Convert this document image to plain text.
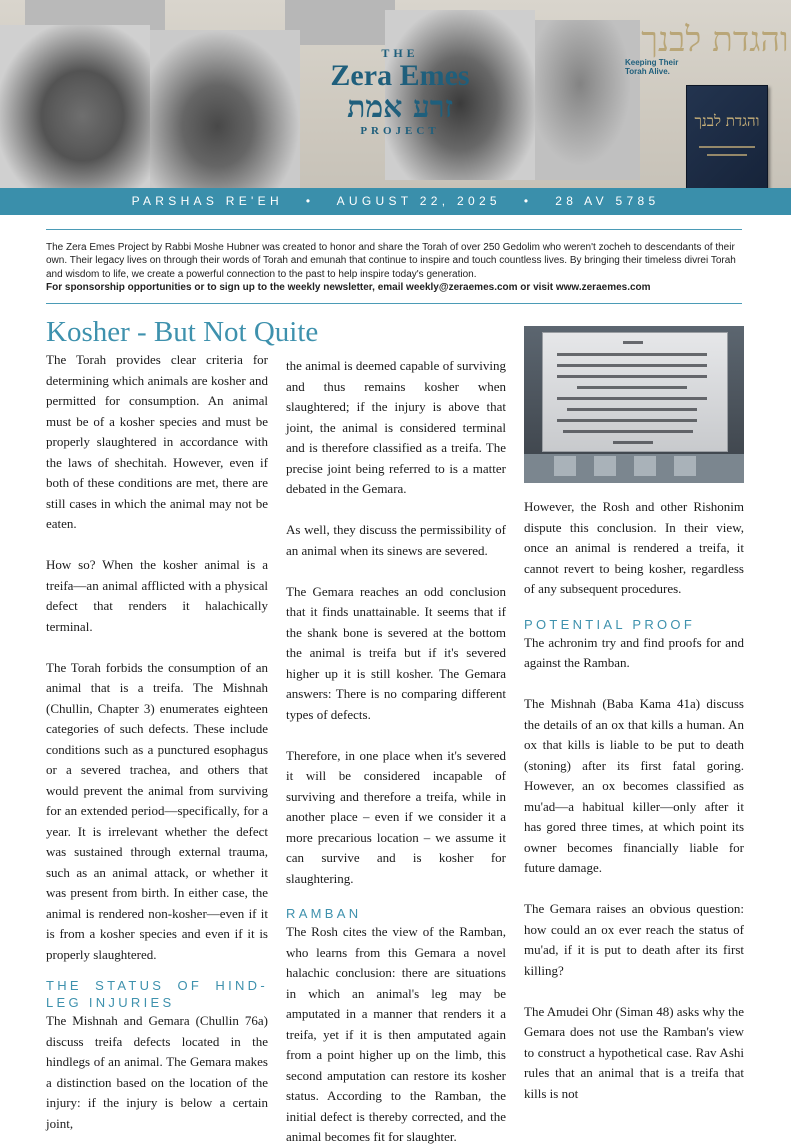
THE
Zera Emes
זרע אמת
PROJECT
והגדת לבנך
Keeping Their Torah Alive.
והגדת לבנך
PARSHAS RE'EH • AUGUST 22, 2025 • 28 AV 5785
The Zera Emes Project by Rabbi Moshe Hubner was created to honor and share the Torah of over 250 Gedolim who weren't zocheh to descendants of their own. Their legacy lives on through their words of Torah and emunah that continue to inspire and touch countless lives. By bringing their timeless divrei Torah and wisdom to life, we create a powerful connection to the past to help inspire today's generation.
For sponsorship opportunities or to sign up to the weekly newsletter, email weekly@zeraemes.com or visit www.zeraemes.com
Kosher - But Not Quite

The Torah provides clear criteria for determining which animals are kosher and permitted for consumption. An animal must be of a kosher species and must be properly slaughtered in accordance with the laws of shechitah. However, even if both of these conditions are met, there are still cases in which the animal may not be eaten.

How so? When the kosher animal is a treifa—an animal afflicted with a physical defect that renders it halachically terminal.

The Torah forbids the consumption of an animal that is a treifa. The Mishnah (Chullin, Chapter 3) enumerates eighteen categories of such defects. These include conditions such as a punctured esophagus or a severed trachea, and others that would prevent the animal from surviving for an extended period—specifically, for a year. It is irrelevant whether the defect was sustained through external trauma, such as an animal attack, or whether it was present from birth. In either case, the animal is rendered non-kosher—even if it is from a kosher species and even if it is properly slaughtered.

THE STATUS OF HIND-LEG INJURIES

The Mishnah and Gemara (Chullin 76a) discuss treifa defects located in the hindlegs of an animal. The Gemara makes a distinction based on the location of the injury: if the injury is below a certain joint,

the animal is deemed capable of surviving and thus remains kosher when slaughtered; if the injury is above that joint, the animal is considered terminal and is therefore classified as a treifa. The precise joint being referred to is a matter debated in the Gemara.

As well, they discuss the permissibility of an animal when its sinews are severed.

The Gemara reaches an odd conclusion that it finds unattainable. It seems that if the shank bone is severed at the bottom the animal is treifa but if it's severed higher up it is still kosher. The Gemara answers: There is no comparing different types of defects.

Therefore, in one place when it's severed it will be considered incapable of surviving and therefore a treifa, while in another place – even if we consider it a more precarious location – we assume it can survive and is kosher for slaughtering.

RAMBAN

The Rosh cites the view of the Ramban, who learns from this Gemara a novel halachic conclusion: there are situations in which an animal's leg may be amputated in a manner that renders it a treifa, yet if it is then amputated again from a point higher up on the limb, this second amputation can restore its kosher status. According to the Ramban, the initial defect is thereby corrected, and the animal becomes fit for slaughter.

However, the Rosh and other Rishonim dispute this conclusion. In their view, once an animal is rendered a treifa, it cannot revert to being kosher, regardless of any subsequent procedures.

POTENTIAL PROOF

The achronim try and find proofs for and against the Ramban.

The Mishnah (Baba Kama 41a) discuss the details of an ox that kills a human. An ox that kills is liable to be put to death (stoning) after its first fatal goring. However, an ox becomes classified as mu'ad—a habitual killer—only after it has gored three times, at which point its owner becomes financially liable for future damage.

The Gemara raises an obvious question: how could an ox ever reach the status of mu'ad, if it is put to death after its first killing?

The Amudei Ohr (Siman 48) asks why the Gemara does not use the Ramban's view to construct a hypothetical case. Rav Ashi rules that an animal that is a treifa that kills is not
